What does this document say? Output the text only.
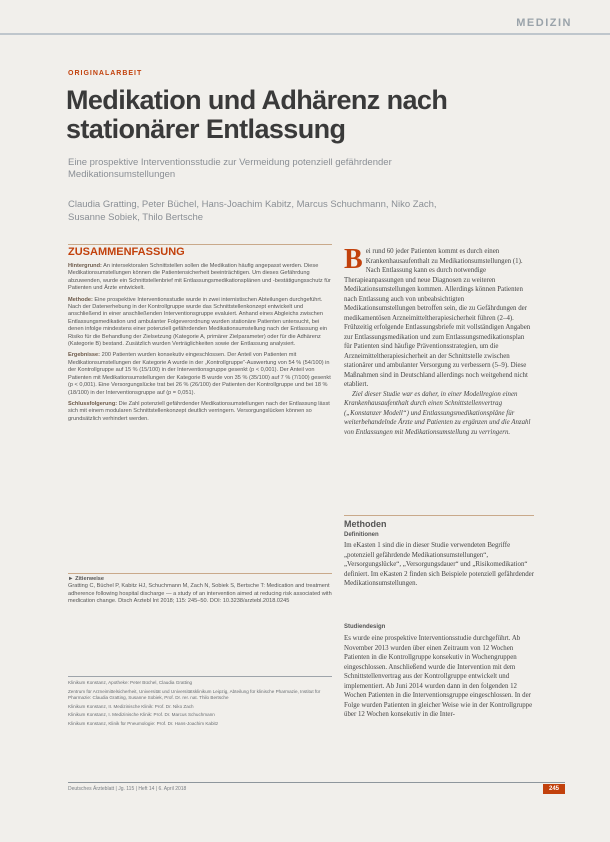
MEDIZIN
ORIGINALARBEIT
Medikation und Adhärenz nach stationärer Entlassung
Eine prospektive Interventionsstudie zur Vermeidung potenziell gefährdender Medikationsumstellungen
Claudia Gratting, Peter Büchel, Hans-Joachim Kabitz, Marcus Schuchmann, Niko Zach, Susanne Sobiek, Thilo Bertsche
ZUSAMMENFASSUNG

Hintergrund: An intersektoralen Schnittstellen sollen die Medikation häufig angepasst werden. Diese Medikationsumstellungen können die Patientensicherheit beeinträchtigen. Um dieses Gefährdung abzuwenden, wurde ein Schnittstellenbrief mit Entlassungsmedikationsplänen und -bestätigungsschutz für Patienten und Ärzte entwickelt.

Methode: Eine prospektive Interventionsstudie wurde in zwei internistischen Abteilungen durchgeführt. Nach der Datenerhebung in der Kontrollgruppe wurde das Schnittstellenkonzept entwickelt und anschließend in einer anschließenden Interventionsgruppe evaluiert. Anhand eines Abgleichs zwischen Entlassungsmedikation und ambulanter Folgeverordnung wurden stationäre Patienten untersucht, bei denen infolge mindestens einer potenziell gefährdenden Medikationsumstellung nach der Entlassung ein Risiko für die Behandlung der Zielsetzung (Kategorie A, primärer Zielparameter) oder für die Adhärenz (Kategorie B) bestand. Zusätzlich wurden Verträglichkeiten sowie der Entlassung analysiert.

Ergebnisse: 200 Patienten wurden konsekutiv eingeschlossen. Der Anteil von Patienten mit Medikationsumstellungen der Kategorie A wurde in der „Kontrollgruppe“-Auswertung von 54 % (54/100) in der Kontrollgruppe auf 15 % (15/100) in der Interventionsgruppe gesenkt (p < 0,001). Der Anteil von Patienten mit Medikationsumstellungen der Kategorie B wurde von 35 % (35/100) auf 7 % (7/100) gesenkt (p < 0,001). Eine Versorgungslücke trat bei 26 % (26/100) der Patienten der Kontrollgruppe und bei 18 % (18/100) in der Interventionsgruppe auf (p = 0,051).

Schlussfolgerung: Die Zahl potenziell gefährdender Medikationsumstellungen nach der Entlassung lässt sich mit einem modularen Schnittstellenkonzept deutlich verringern. Versorgungslücken können so grundsätzlich verhindert werden.

► Zitierweise
Gratting C, Büchel P, Kabitz HJ, Schuchmann M, Zach N, Sobiek S, Bertsche T: Medication and treatment adherence following hospital discharge — a study of an intervention aimed at reducing risk associated with medication change. Dtsch Arztebl Int 2018; 115: 245–50. DOI: 10.3238/arztebl.2018.0245
Klinikum Konstanz, Apotheke: Peter Büchel, Claudia Gratting
Zentrum für Arzneimittelsicherheit, Universität und Universitätsklinikum Leipzig, Abteilung für klinische Pharmazie, Institut für Pharmazie: Claudia Gratting, Susanne Sobiek, Prof. Dr. rer. nat. Thilo Bertsche
Klinikum Konstanz, II. Medizinische Klinik: Prof. Dr. Niko Zach
Klinikum Konstanz, I. Medizinische Klinik: Prof. Dr. Marcus Schuchmann
Klinikum Konstanz, Klinik für Pneumologie: Prof. Dr. Hans-Joachim Kabitz
Bei rund 60 jeder Patienten kommt es durch einen Krankenhausaufenthalt zu Medikationsumstellungen (1). Nach Entlassung kann es durch notwendige Therapieanpassungen und neue Diagnosen zu weiteren Medikationsumstellungen kommen. Allerdings können Patienten nach Entlassung auch von unbeabsichtigten Medikationsumstellungen betroffen sein, die zu Gefährdungen der medikamentösen Arzneimitteltherapiesicherheit führen (2–4). Frühzeitig erfolgende Entlassungsbriefe mit vollständigen Angaben zur Entlassungsmedikation und zum Entlassungsmedikationsplan für Patienten sind häufige Präventionsstrategien, um die Arzneimitteltherapiesicherheit an der Schnittstelle zwischen stationärer und ambulanter Versorgung zu verbessern (5–9). Diese Maßnahmen sind in Deutschland allerdings noch weitgehend nicht etabliert.
Ziel dieser Studie war es daher, in einer Modellregion einen Krankenhausaufenthalt durch einen Schnittstellenvertrag („Konstanzer Modell“) und Entlassungsmedikationspläne für weiterbehandelnde Ärzte und Patienten zu ergänzen und die Anzahl von Entlassungen mit Medikationsumstellung zu verringern.
Methoden
Definitionen
Im eKasten 1 sind die in dieser Studie verwendeten Begriffe „potenziell gefährdende Medikationsumstellungen“, „Versorgungslücke“, „Versorgungsdauer“ und „Risikomedikation“ definiert. Im eKasten 2 finden sich Beispiele potenziell gefährdender Medikationsumstellungen.
Studiendesign
Es wurde eine prospektive Interventionsstudie durchgeführt. Ab November 2013 wurden über einen Zeitraum von 12 Wochen Patienten in die Kontrollgruppe konsekutiv in Wochengruppen eingeschlossen. Anschließend wurde die Intervention mit dem Schnittstellenvertrag aus der Kontrollgruppe entwickelt und implementiert. Ab Juni 2014 wurden dann in den folgenden 12 Wochen Patienten in die Interventionsgruppe eingeschlossen. In der Folge wurden Patienten in gleicher Weise wie in der Kontrollgruppe über 12 Wochen konsekutiv in die Inter-
Deutsches Ärzteblatt | Jg. 115 | Heft 14 | 6. April 2018	245
